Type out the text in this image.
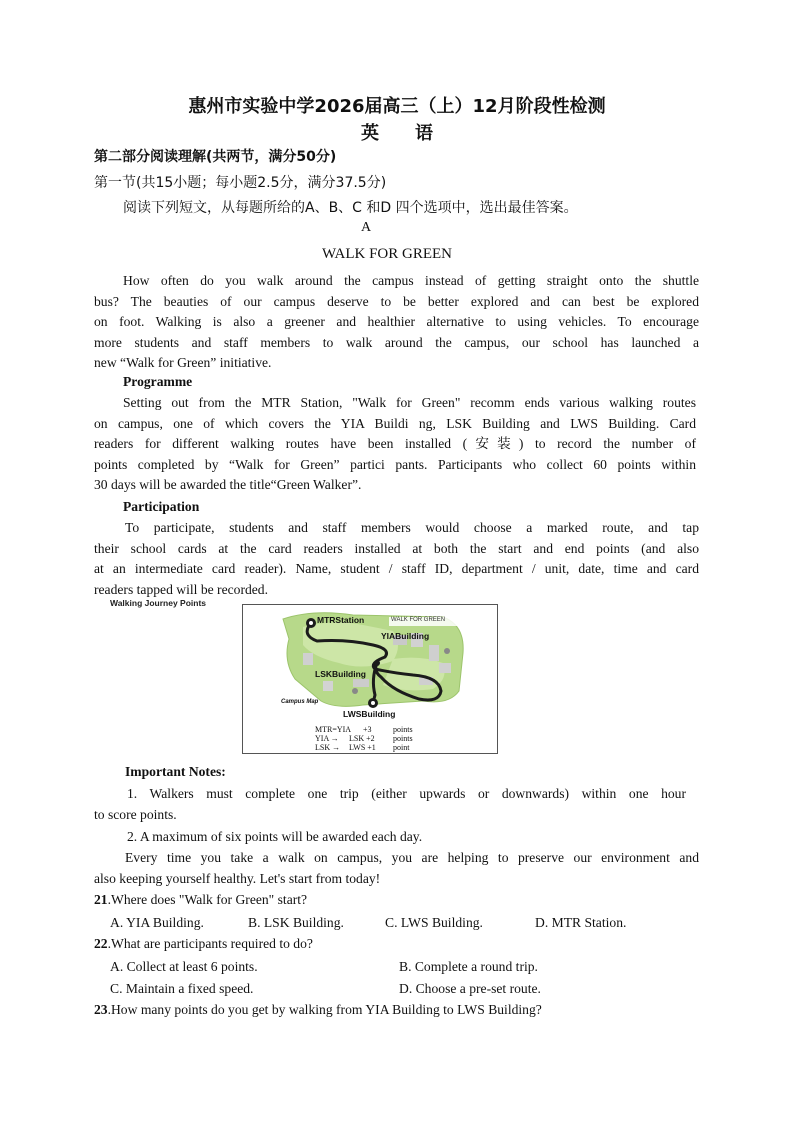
惠州市实验中学2026届高三（上）12月阶段性检测
英　　语
第二部分阅读理解(共两节，满分50分)
第一节(共15小题；每小题2.5分，满分37.5分)
阅读下列短文，从每题所给的A、B、C 和D 四个选项中，选出最佳答案。
A
WALK FOR GREEN
How often do you walk around the campus instead of getting straight onto the shuttle
bus? The beauties of our campus deserve to be better explored and can best be explored
on foot. Walking is also a greener and healthier alternative to using vehicles. To encourage
more students and staff members to walk around the campus, our school has launched a
new “Walk for Green” initiative.
Programme
Setting out from the MTR Station, "Walk for Green" recomm ends various walking routes
on campus, one of which covers the YIA Buildi ng, LSK Building and LWS Building. Card
readers for different walking routes have been installed (安装) to record the number of
points completed by “Walk for Green” partici pants. Participants who collect 60 points within
30 days will be awarded the title“Green Walker”.
Participation
To participate, students and staff members would choose a marked route, and tap
their school cards at the card readers installed at both the start and end points (and also
at an intermediate card reader). Name, student / staff ID, department / unit, date, time and card
readers tapped will be recorded.
Walking Journey Points
WALK FOR GREEN
MTRStation
YIABuilding
LSKBuilding
LWSBuilding
Campus Map
MTR=YIA +3	points
YIA → LSK +2 points
LSK → LWS +1 point
Important Notes:
1. Walkers must complete one trip (either upwards or downwards) within one hour
to score points.
2. A maximum of six points will be awarded each day.
Every time you take a walk on campus, you are helping to preserve our environment and
also keeping yourself healthy. Let's start from today!
21.Where does "Walk for Green" start?
A. YIA Building.	B. LSK Building.	C. LWS Building.	D. MTR Station.
22.What are participants required to do?
A. Collect at least 6 points.	B. Complete a round trip.
C. Maintain a fixed speed.	D. Choose a pre-set route.
23.How many points do you get by walking from YIA Building to LWS Building?
